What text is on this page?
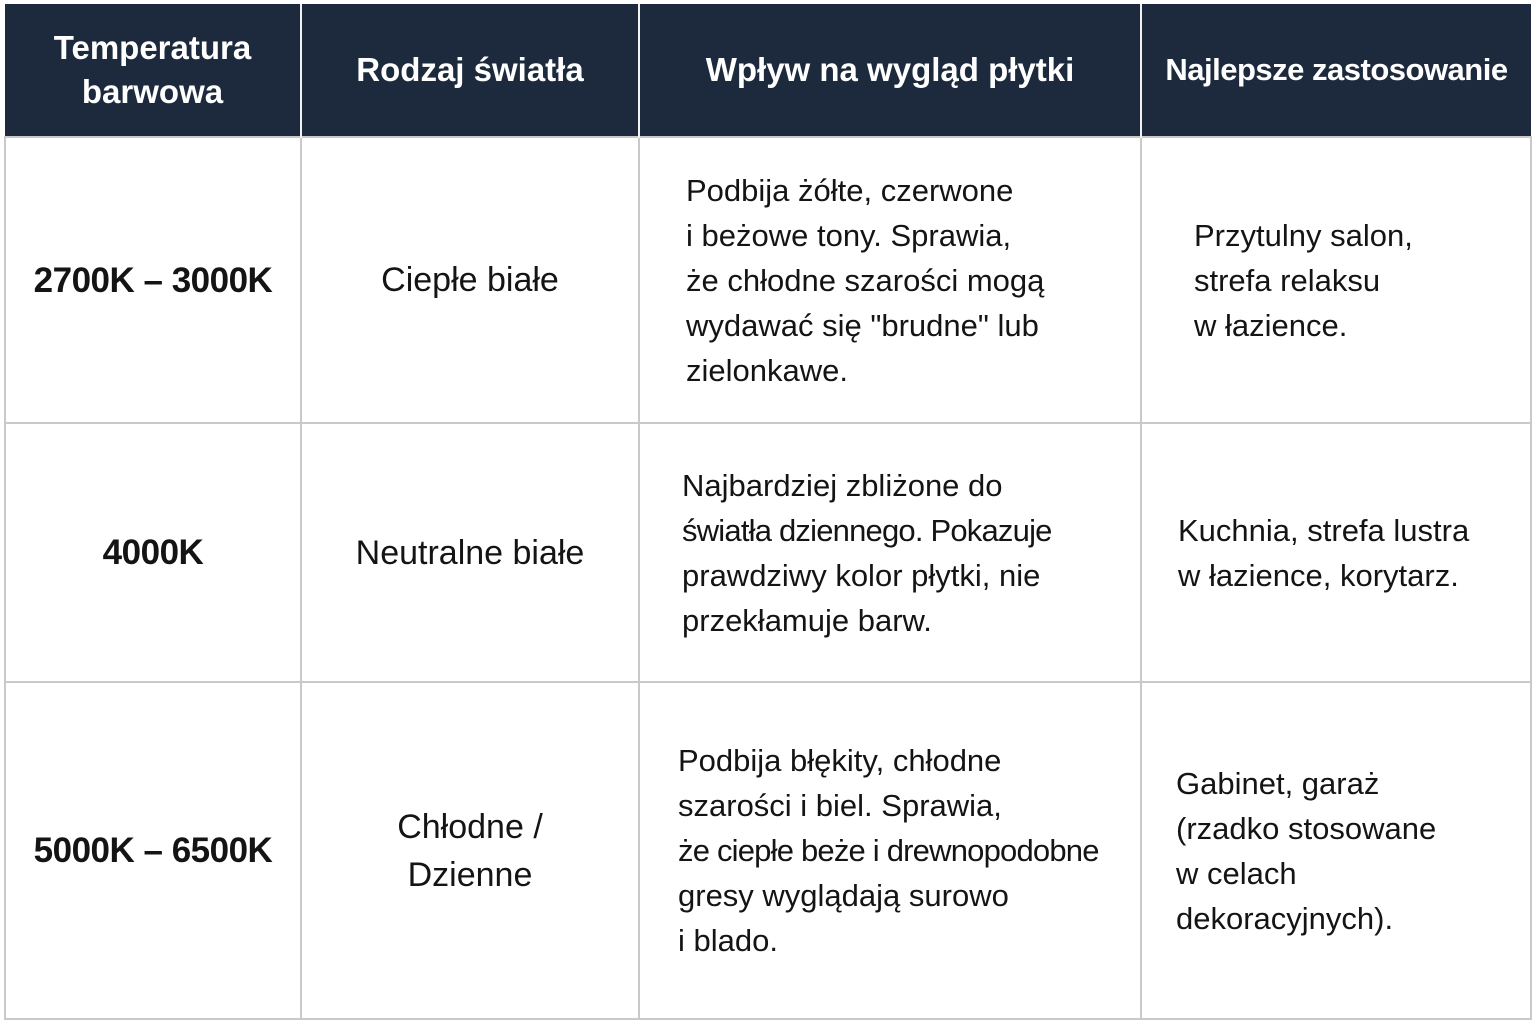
Temperatura
barwowa	Rodzaj światła	Wpływ na wygląd płytki	Najlepsze zastosowanie

2700K – 3000K	Ciepłe białe	Podbija żółte, czerwone
i beżowe tony. Sprawia,
że chłodne szarości mogą
wydawać się "brudne" lub
zielonkawe.	Przytulny salon,
strefa relaksu
w łazience.

4000K	Neutralne białe	Najbardziej zbliżone do
światła dziennego. Pokazuje
prawdziwy kolor płytki, nie
przekłamuje barw.	Kuchnia, strefa lustra
w łazience, korytarz.

5000K – 6500K	Chłodne /
Dzienne	Podbija błękity, chłodne
szarości i biel. Sprawia,
że ciepłe beże i drewnopodobne
gresy wyglądają surowo
i blado.	Gabinet, garaż
(rzadko stosowane
w celach
dekoracyjnych).
